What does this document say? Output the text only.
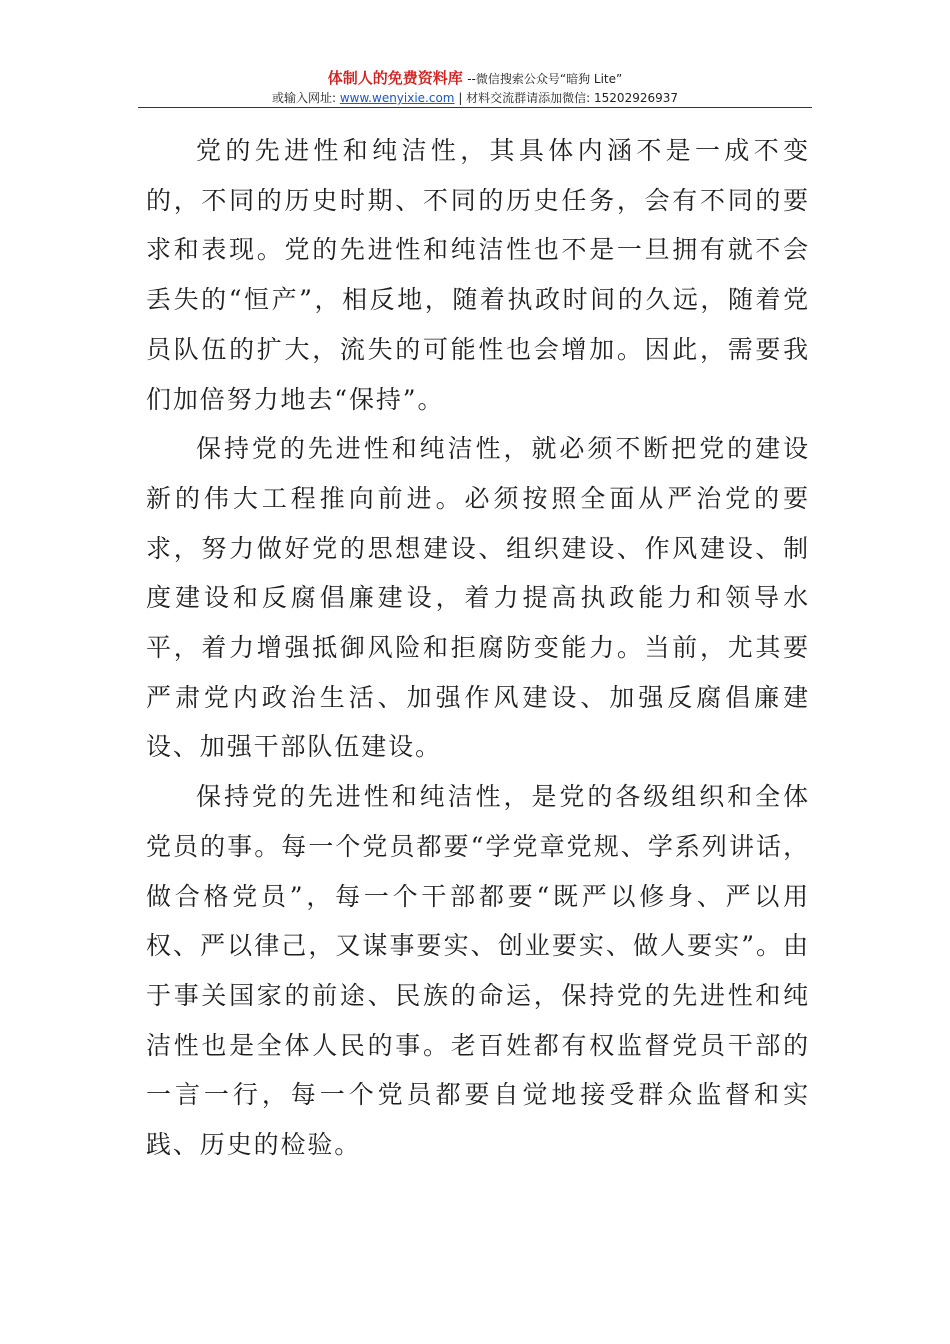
体制人的免费资料库 --微信搜索公众号“暗狗 Lite”
或输入网址: www.wenyixie.com | 材料交流群请添加微信: 15202926937

党的先进性和纯洁性，其具体内涵不是一成不变的，不同的历史时期、不同的历史任务，会有不同的要求和表现。党的先进性和纯洁性也不是一旦拥有就不会丢失的“恒产”，相反地，随着执政时间的久远，随着党员队伍的扩大，流失的可能性也会增加。因此，需要我们加倍努力地去“保持”。

保持党的先进性和纯洁性，就必须不断把党的建设新的伟大工程推向前进。必须按照全面从严治党的要求，努力做好党的思想建设、组织建设、作风建设、制度建设和反腐倡廉建设，着力提高执政能力和领导水平，着力增强抵御风险和拒腐防变能力。当前，尤其要严肃党内政治生活、加强作风建设、加强反腐倡廉建设、加强干部队伍建设。

保持党的先进性和纯洁性，是党的各级组织和全体党员的事。每一个党员都要“学党章党规、学系列讲话，做合格党员”，每一个干部都要“既严以修身、严以用权、严以律己，又谋事要实、创业要实、做人要实”。由于事关国家的前途、民族的命运，保持党的先进性和纯洁性也是全体人民的事。老百姓都有权监督党员干部的一言一行，每一个党员都要自觉地接受群众监督和实践、历史的检验。
